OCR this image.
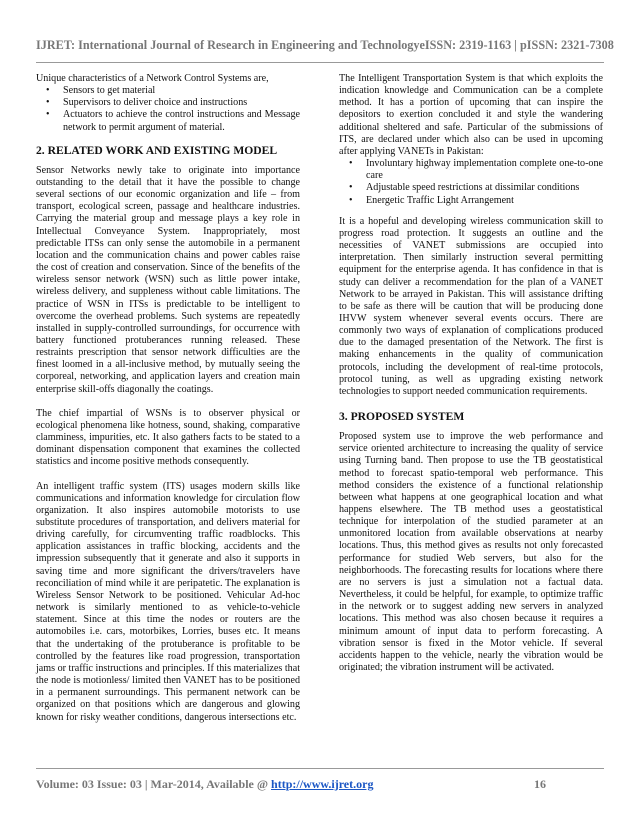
IJRET: International Journal of Research in Engineering and Technology eISSN: 2319-1163 | pISSN: 2321-7308

Unique characteristics of a Network Control Systems are,

• Sensors to get material
• Supervisors to deliver choice and instructions
• Actuators to achieve the control instructions and Message network to permit argument of material.
2. RELATED WORK AND EXISTING MODEL

Sensor Networks newly take to originate into importance outstanding to the detail that it have the possible to change several sections of our economic organization and life – from transport, ecological screen, passage and healthcare industries. Carrying the material group and message plays a key role in Intellectual Conveyance System. Inappropriately, most predictable ITSs can only sense the automobile in a permanent location and the communication chains and power cables raise the cost of creation and conservation. Since of the benefits of the wireless sensor network (WSN) such as little power intake, wireless delivery, and suppleness without cable limitations. The practice of WSN in ITSs is predictable to be intelligent to overcome the overhead problems. Such systems are repeatedly installed in supply-controlled surroundings, for occurrence with battery functioned protuberances running released. These restraints prescription that sensor network difficulties are the finest loomed in a all-inclusive method, by mutually seeing the corporeal, networking, and application layers and creation main enterprise skill-offs diagonally the coatings.

The chief impartial of WSNs is to observer physical or ecological phenomena like hotness, sound, shaking, comparative clamminess, impurities, etc. It also gathers facts to be stated to a dominant dispensation component that examines the collected statistics and income positive methods consequently.

An intelligent traffic system (ITS) usages modern skills like communications and information knowledge for circulation flow organization. It also inspires automobile motorists to use substitute procedures of transportation, and delivers material for driving carefully, for circumventing traffic roadblocks. This application assistances in traffic blocking, accidents and the impression subsequently that it generate and also it supports in saving time and more significant the drivers/travelers have reconciliation of mind while it are peripatetic. The explanation is Wireless Sensor Network to be positioned. Vehicular Ad-hoc network is similarly mentioned to as vehicle-to-vehicle statement. Since at this time the nodes or routers are the automobiles i.e. cars, motorbikes, Lorries, buses etc. It means that the undertaking of the protuberance is profitable to be controlled by the features like road progression, transportation jams or traffic instructions and principles. If this materializes that the node is motionless/ limited then VANET has to be positioned in a permanent surroundings. This permanent network can be organized on that positions which are dangerous and glowing known for risky weather conditions, dangerous intersections etc.

The Intelligent Transportation System is that which exploits the indication knowledge and Communication can be a complete method. It has a portion of upcoming that can inspire the depositors to exertion concluded it and style the wandering additional sheltered and safe. Particular of the submissions of ITS, are declared under which also can be used in upcoming after applying VANETs in Pakistan:

• Involuntary highway implementation complete one-to-one care
• Adjustable speed restrictions at dissimilar conditions
• Energetic Traffic Light Arrangement

It is a hopeful and developing wireless communication skill to progress road protection. It suggests an outline and the necessities of VANET submissions are occupied into interpretation. Then similarly instruction several permitting equipment for the enterprise agenda. It has confidence in that is study can deliver a recommendation for the plan of a VANET Network to be arrayed in Pakistan. This will assistance drifting to be safe as there will be caution that will be producing done IHVW system whenever several events occurs. There are commonly two ways of explanation of complications produced due to the damaged presentation of the Network. The first is making enhancements in the quality of communication protocols, including the development of real-time protocols, protocol tuning, as well as upgrading existing network technologies to support needed communication requirements.

3. PROPOSED SYSTEM

Proposed system use to improve the web performance and service oriented architecture to increasing the quality of service using Turning band. Then propose to use the TB geostatistical method to forecast spatio-temporal web performance. This method considers the existence of a functional relationship between what happens at one geographical location and what happens elsewhere. The TB method uses a geostatistical technique for interpolation of the studied parameter at an unmonitored location from available observations at nearby locations. Thus, this method gives as results not only forecasted performance for studied Web servers, but also for the neighborhoods. The forecasting results for locations where there are no servers is just a simulation not a factual data. Nevertheless, it could be helpful, for example, to optimize traffic in the network or to suggest adding new servers in analyzed locations. This method was also chosen because it requires a minimum amount of input data to perform forecasting. A vibration sensor is fixed in the Motor vehicle. If several accidents happen to the vehicle, nearly the vibration would be originated; the vibration instrument will be activated.

Volume: 03 Issue: 03 | Mar-2014, Available @ http://www.ijret.org	16
